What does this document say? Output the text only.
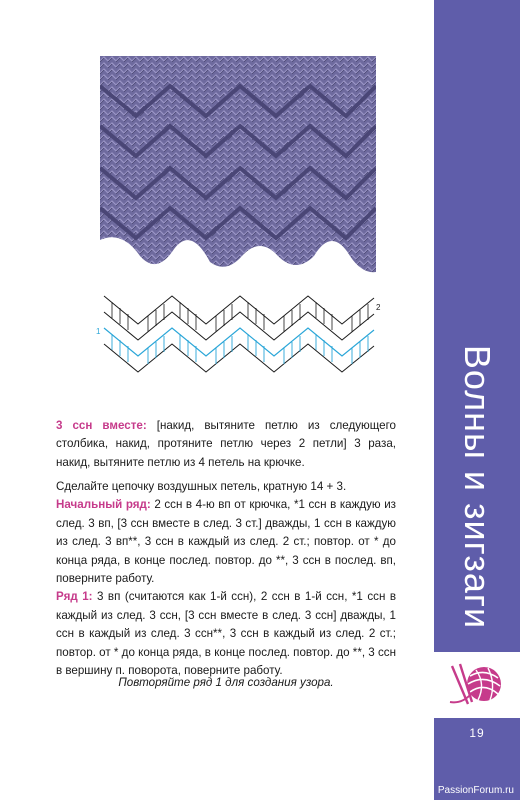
Волны и зигзаги
19
PassionForum.ru
1
2

3 ссн вместе: [накид, вытяните петлю из следующего столбика, накид, протяните петлю через 2 петли] 3 раза, накид, вытяните петлю из 4 петель на крючке.

Сделайте цепочку воздушных петель, кратную 14 + 3.

Начальный ряд: 2 ссн в 4-ю вп от крючка, *1 ссн в каждую из след. 3 вп, [3 ссн вместе в след. 3 ст.] дважды, 1 ссн в каждую из след. 3 вп**, 3 ссн в каждый из след. 2 ст.; повтор. от * до конца ряда, в конце послед. повтор. до **, 3 ссн в послед. вп, поверните работу.

Ряд 1: 3 вп (считаются как 1-й ссн), 2 ссн в 1-й ссн, *1 ссн в каждый из след. 3 ссн, [3 ссн вместе в след. 3 ссн] дважды, 1 ссн в каждый из след. 3 ссн**, 3 ссн в каждый из след. 2 ст.; повтор. от * до конца ряда, в конце послед. повтор. до **, 3 ссн в вершину п. поворота, поверните работу.

Повторяйте ряд 1 для создания узора.
